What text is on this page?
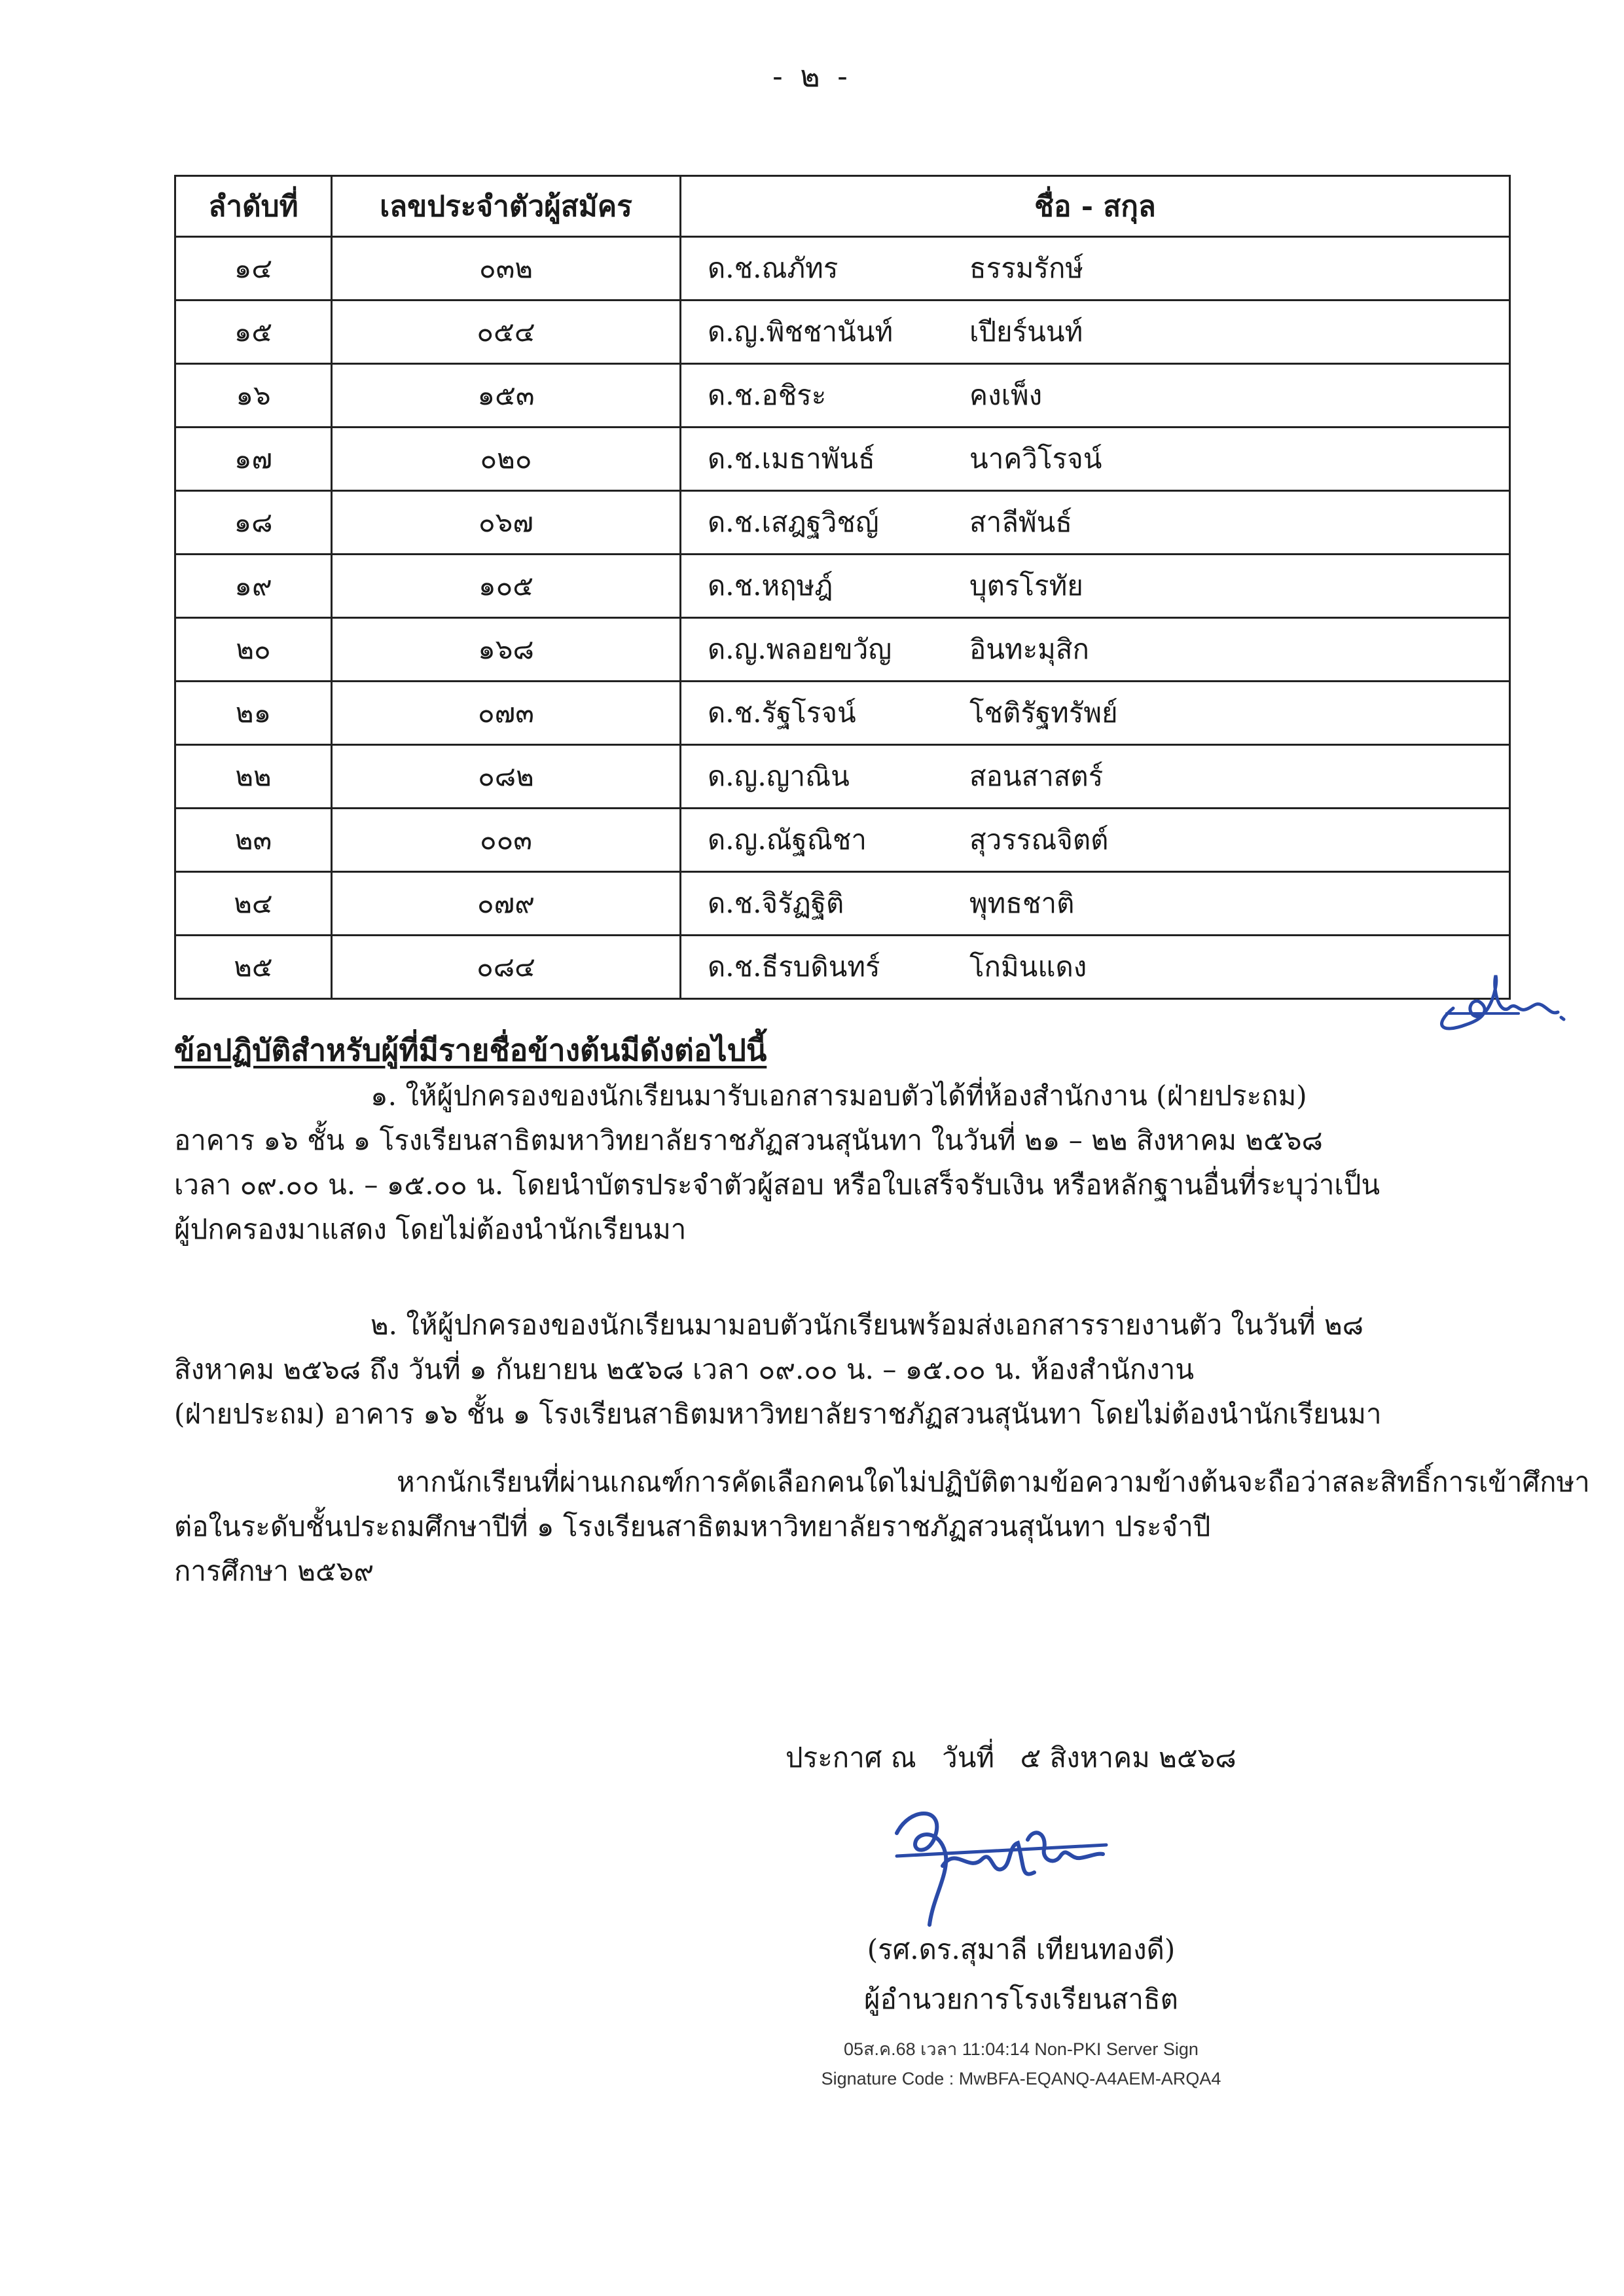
- ๒ -
ลำดับที่	เลขประจำตัวผู้สมัคร	ชื่อ - สกุล
๑๔	๐๓๒	ด.ช.ณภัทร ธรรมรักษ์

๑๕	๐๕๔	ด.ญ.พิชชานันท์ เปียร์นนท์

๑๖	๑๕๓	ด.ช.อชิระ คงเพ็ง

๑๗	๐๒๐	ด.ช.เมธาพันธ์ นาควิโรจน์

๑๘	๐๖๗	ด.ช.เสฎฐวิชญ์ สาลีพันธ์

๑๙	๑๐๕	ด.ช.หฤษฎ์ บุตรโรทัย

๒๐	๑๖๘	ด.ญ.พลอยขวัญ อินทะมุสิก

๒๑	๐๗๓	ด.ช.รัฐโรจน์ โชติรัฐทรัพย์

๒๒	๐๘๒	ด.ญ.ญาณิน สอนสาสตร์

๒๓	๐๐๓	ด.ญ.ณัฐณิชา สุวรรณจิตต์

๒๔	๐๗๙	ด.ช.จิรัฏฐิติ พุทธชาติ

๒๕	๐๘๔	ด.ช.ธีรบดินทร์ โกมินแดง
ข้อปฏิบัติสำหรับผู้ที่มีรายชื่อข้างต้นมีดังต่อไปนี้
๑. ให้ผู้ปกครองของนักเรียนมารับเอกสารมอบตัวได้ที่ห้องสำนักงาน (ฝ่ายประถม)
อาคาร ๑๖ ชั้น ๑ โรงเรียนสาธิตมหาวิทยาลัยราชภัฏสวนสุนันทา ในวันที่ ๒๑ – ๒๒ สิงหาคม ๒๕๖๘
เวลา ๐๙.๐๐ น. – ๑๕.๐๐ น. โดยนำบัตรประจำตัวผู้สอบ หรือใบเสร็จรับเงิน หรือหลักฐานอื่นที่ระบุว่าเป็น
ผู้ปกครองมาแสดง โดยไม่ต้องนำนักเรียนมา
๒. ให้ผู้ปกครองของนักเรียนมามอบตัวนักเรียนพร้อมส่งเอกสารรายงานตัว ในวันที่ ๒๘
สิงหาคม ๒๕๖๘ ถึง วันที่ ๑ กันยายน ๒๕๖๘ เวลา ๐๙.๐๐ น. – ๑๕.๐๐ น. ห้องสำนักงาน
(ฝ่ายประถม) อาคาร ๑๖ ชั้น ๑ โรงเรียนสาธิตมหาวิทยาลัยราชภัฏสวนสุนันทา โดยไม่ต้องนำนักเรียนมา
หากนักเรียนที่ผ่านเกณฑ์การคัดเลือกคนใดไม่ปฏิบัติตามข้อความข้างต้นจะถือว่าสละสิทธิ์การเข้าศึกษา
ต่อในระดับชั้นประถมศึกษาปีที่ ๑ โรงเรียนสาธิตมหาวิทยาลัยราชภัฏสวนสุนันทา ประจำปี
การศึกษา ๒๕๖๙
ประกาศ ณ วันที่ ๕ สิงหาคม ๒๕๖๘
(รศ.ดร.สุมาลี เทียนทองดี)
ผู้อำนวยการโรงเรียนสาธิต
05ส.ค.68 เวลา 11:04:14 Non-PKI Server Sign
Signature Code : MwBFA-EQANQ-A4AEM-ARQA4
